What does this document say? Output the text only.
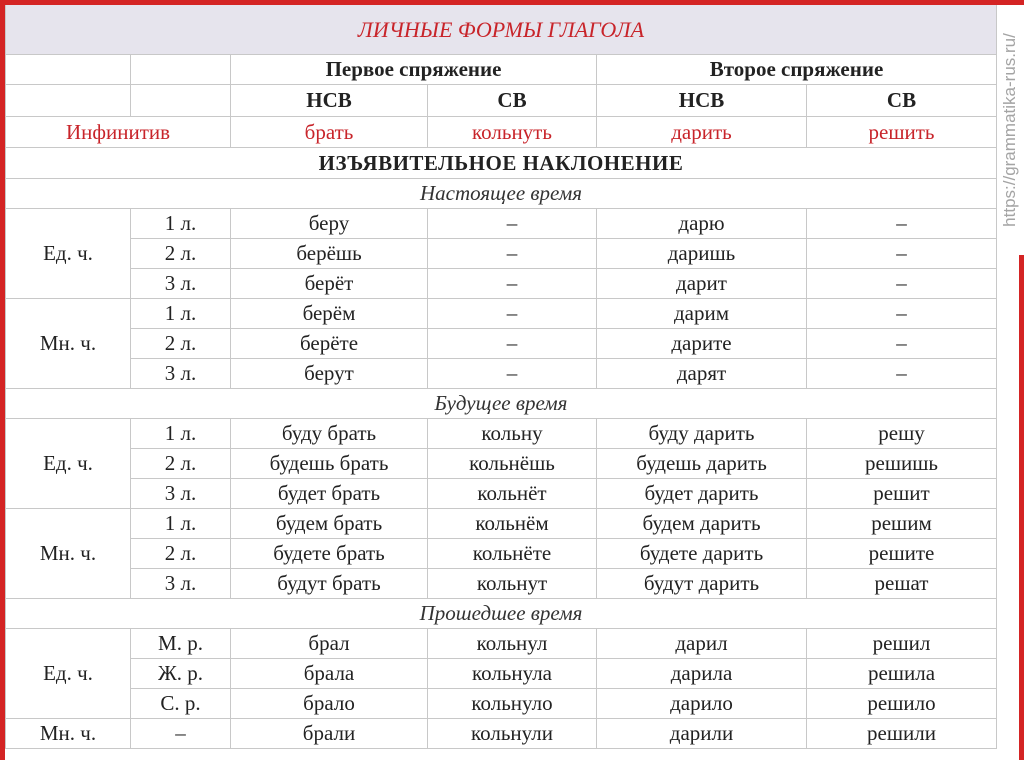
https://grammatika-rus.ru/
ЛИЧНЫЕ ФОРМЫ ГЛАГОЛА					
		Первое спряжение		Второе спряжение	
		НСВ	СВ	НСВ	СВ
Инфинитив		брать	кольнуть	дарить	решить
ИЗЪЯВИТЕЛЬНОЕ НАКЛОНЕНИЕ					
Настоящее время					
Ед. ч.	1 л.	беру	–	дарю	–
	2 л.	берёшь	–	даришь	–
	3 л.	берёт	–	дарит	–
Мн. ч.	1 л.	берём	–	дарим	–
	2 л.	берёте	–	дарите	–
	3 л.	берут	–	дарят	–
Будущее время					
Ед. ч.	1 л.	буду брать	кольну	буду дарить	решу
	2 л.	будешь брать	кольнёшь	будешь дарить	решишь
	3 л.	будет брать	кольнёт	будет дарить	решит
Мн. ч.	1 л.	будем брать	кольнём	будем дарить	решим
	2 л.	будете брать	кольнёте	будете дарить	решите
	3 л.	будут брать	кольнут	будут дарить	решат
Прошедшее время					
Ед. ч.	М. р.	брал	кольнул	дарил	решил
	Ж. р.	брала	кольнула	дарила	решила
	С. р.	брало	кольнуло	дарило	решило
Мн. ч.	–	брали	кольнули	дарили	решили
